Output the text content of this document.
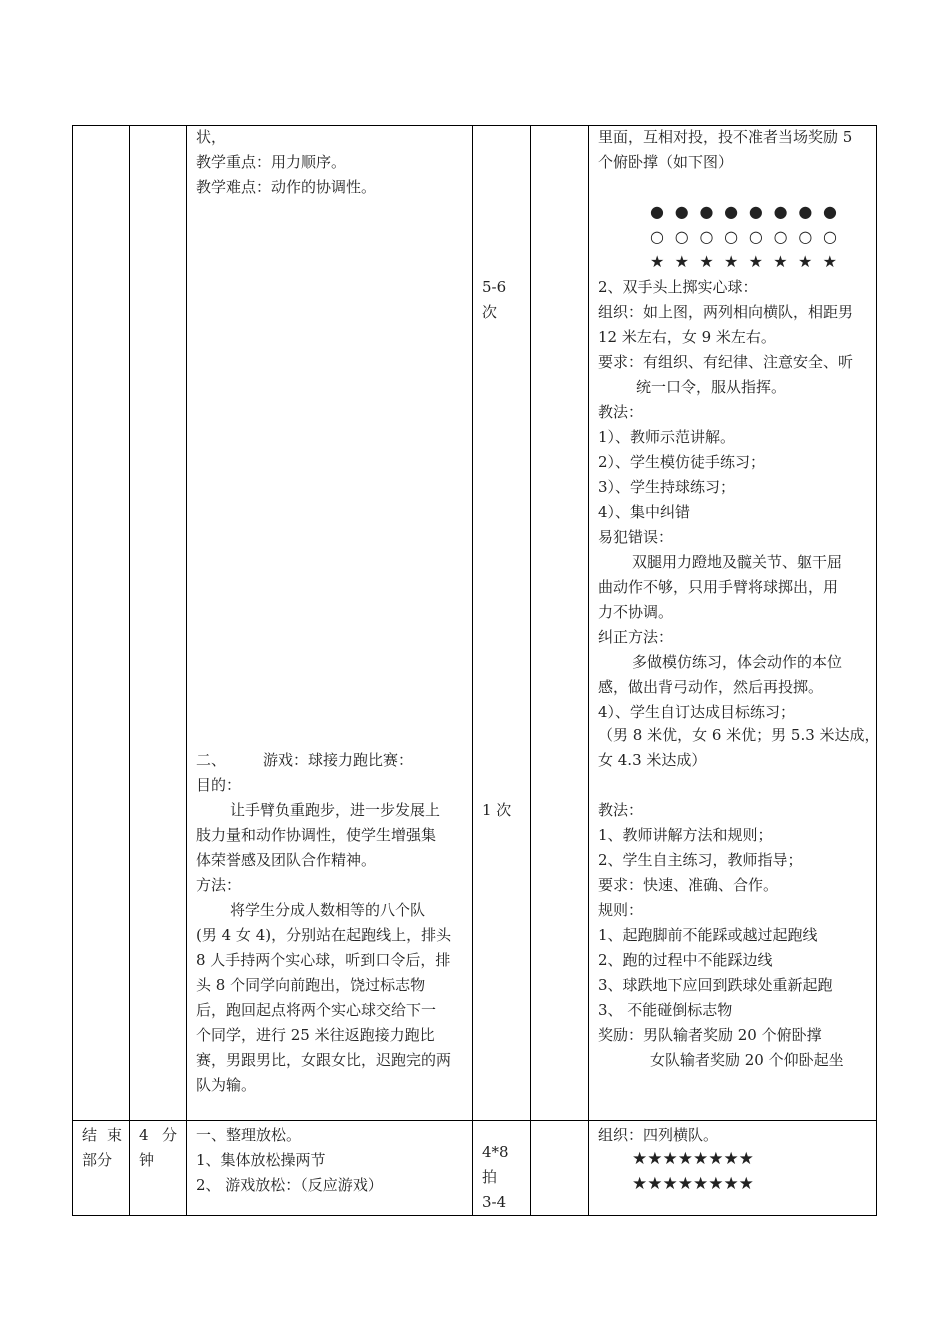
状，
教学重点：用力顺序。
教学难点：动作的协调性。
二、 游戏：球接力跑比赛：
目的：
让手臂负重跑步，进一步发展上
肢力量和动作协调性，使学生增强集
体荣誉感及团队合作精神。
方法：
将学生分成人数相等的八个队
(男 4 女 4)，分别站在起跑线上，排头
8 人手持两个实心球，听到口令后，排
头 8 个同学向前跑出，饶过标志物
后，跑回起点将两个实心球交给下一
个同学，进行 25 米往返跑接力跑比
赛，男跟男比，女跟女比，迟跑完的两
队为输。
5-6
次
1 次
里面，互相对投，投不准者当场奖励 5
个俯卧撑（如下图）
● ● ● ● ● ● ● ●
○ ○ ○ ○ ○ ○ ○ ○
★ ★ ★ ★ ★ ★ ★ ★
2、双手头上掷实心球：
组织：如上图，两列相向横队，相距男
12 米左右，女 9 米左右。
要求：有组织、有纪律、注意安全、听
统一口令，服从指挥。
教法：
1）、教师示范讲解。
2）、学生模仿徒手练习；
3）、学生持球练习；
4）、集中纠错
易犯错误：
双腿用力蹬地及髋关节、躯干屈
曲动作不够，只用手臂将球掷出，用
力不协调。
纠正方法：
多做模仿练习，体会动作的本位
感，做出背弓动作，然后再投掷。
4）、学生自订达成目标练习；
（男 8 米优，女 6 米优；男 5.3 米达成，
女 4.3 米达成）
教法：
1、教师讲解方法和规则；
2、学生自主练习，教师指导；
要求：快速、准确、合作。
规则：
1、起跑脚前不能踩或越过起跑线
2、跑的过程中不能踩边线
3、球跌地下应回到跌球处重新起跑
3、 不能碰倒标志物
奖励：男队输者奖励 20 个俯卧撑
女队输者奖励 20 个仰卧起坐
结 束
部分
4 分
钟
一、整理放松。
1、集体放松操两节
2、 游戏放松：（反应游戏）
4*8
拍
3-4
组织：四列横队。
★★★★★★★★
★★★★★★★★
